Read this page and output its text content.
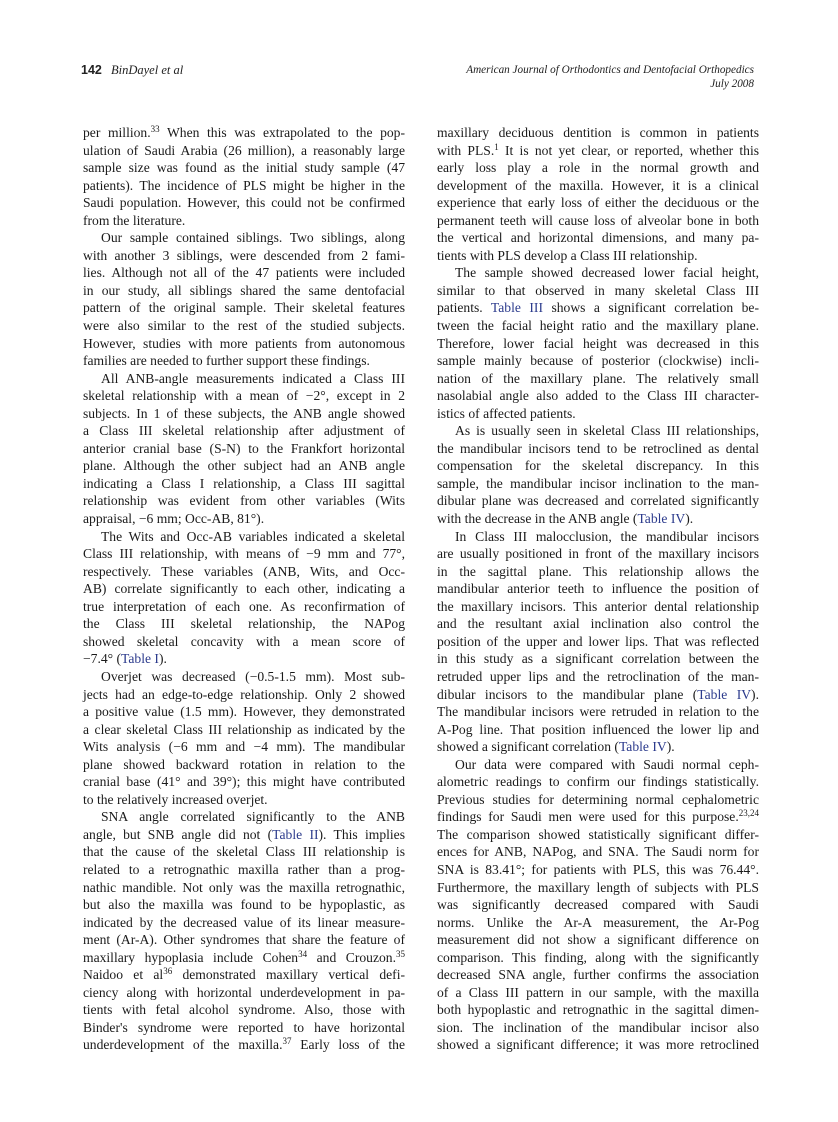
142 BinDayel et al	American Journal of Orthodontics and Dentofacial Orthopedics
July 2008
per million.$^{33}$ When this was extrapolated to the pop-
ulation of Saudi Arabia (26 million), a reasonably large
sample size was found as the initial study sample (47
patients). The incidence of PLS might be higher in the
Saudi population. However, this could not be confirmed
from the literature.
Our sample contained siblings. Two siblings, along
with another 3 siblings, were descended from 2 fami-
lies. Although not all of the 47 patients were included
in our study, all siblings shared the same dentofacial
pattern of the original sample. Their skeletal features
were also similar to the rest of the studied subjects.
However, studies with more patients from autonomous
families are needed to further support these findings.
All ANB-angle measurements indicated a Class III
skeletal relationship with a mean of −2°, except in 2
subjects. In 1 of these subjects, the ANB angle showed
a Class III skeletal relationship after adjustment of
anterior cranial base (S-N) to the Frankfort horizontal
plane. Although the other subject had an ANB angle
indicating a Class I relationship, a Class III sagittal
relationship was evident from other variables (Wits
appraisal, −6 mm; Occ-AB, 81°).
The Wits and Occ-AB variables indicated a skeletal
Class III relationship, with means of −9 mm and 77°,
respectively. These variables (ANB, Wits, and Occ-
AB) correlate significantly to each other, indicating a
true interpretation of each one. As reconfirmation of
the Class III skeletal relationship, the NAPog
showed skeletal concavity with a mean score of
−7.4° (Table I).
Overjet was decreased (−0.5-1.5 mm). Most sub-
jects had an edge-to-edge relationship. Only 2 showed
a positive value (1.5 mm). However, they demonstrated
a clear skeletal Class III relationship as indicated by the
Wits analysis (−6 mm and −4 mm). The mandibular
plane showed backward rotation in relation to the
cranial base (41° and 39°); this might have contributed
to the relatively increased overjet.
SNA angle correlated significantly to the ANB
angle, but SNB angle did not (Table II). This implies
that the cause of the skeletal Class III relationship is
related to a retrognathic maxilla rather than a prog-
nathic mandible. Not only was the maxilla retrognathic,
but also the maxilla was found to be hypoplastic, as
indicated by the decreased value of its linear measure-
ment (Ar-A). Other syndromes that share the feature of
maxillary hypoplasia include Cohen$^{34}$ and Crouzon.$^{35}$
Naidoo et $al^{36}$ demonstrated maxillary vertical defi-
ciency along with horizontal underdevelopment in pa-
tients with fetal alcohol syndrome. Also, those with
Binder's syndrome were reported to have horizontal
underdevelopment of the maxilla.$^{37}$ Early loss of the
maxillary deciduous dentition is common in patients
with PLS.$^1$ It is not yet clear, or reported, whether this
early loss play a role in the normal growth and
development of the maxilla. However, it is a clinical
experience that early loss of either the deciduous or the
permanent teeth will cause loss of alveolar bone in both
the vertical and horizontal dimensions, and many pa-
tients with PLS develop a Class III relationship.
The sample showed decreased lower facial height,
similar to that observed in many skeletal Class III
patients. Table III shows a significant correlation be-
tween the facial height ratio and the maxillary plane.
Therefore, lower facial height was decreased in this
sample mainly because of posterior (clockwise) incli-
nation of the maxillary plane. The relatively small
nasolabial angle also added to the Class III character-
istics of affected patients.
As is usually seen in skeletal Class III relationships,
the mandibular incisors tend to be retroclined as dental
compensation for the skeletal discrepancy. In this
sample, the mandibular incisor inclination to the man-
dibular plane was decreased and correlated significantly
with the decrease in the ANB angle (Table IV).
In Class III malocclusion, the mandibular incisors
are usually positioned in front of the maxillary incisors
in the sagittal plane. This relationship allows the
mandibular anterior teeth to influence the position of
the maxillary incisors. This anterior dental relationship
and the resultant axial inclination also control the
position of the upper and lower lips. That was reflected
in this study as a significant correlation between the
retruded upper lips and the retroclination of the man-
dibular incisors to the mandibular plane (Table IV).
The mandibular incisors were retruded in relation to the
A-Pog line. That position influenced the lower lip and
showed a significant correlation (Table IV).
Our data were compared with Saudi normal ceph-
alometric readings to confirm our findings statistically.
Previous studies for determining normal cephalometric
findings for Saudi men were used for this purpose.$^{23,24}$
The comparison showed statistically significant differ-
ences for ANB, NAPog, and SNA. The Saudi norm for
SNA is 83.41°; for patients with PLS, this was 76.44°.
Furthermore, the maxillary length of subjects with PLS
was significantly decreased compared with Saudi
norms. Unlike the Ar-A measurement, the Ar-Pog
measurement did not show a significant difference on
comparison. This finding, along with the significantly
decreased SNA angle, further confirms the association
of a Class III pattern in our sample, with the maxilla
both hypoplastic and retrognathic in the sagittal dimen-
sion. The inclination of the mandibular incisor also
showed a significant difference; it was more retroclined
